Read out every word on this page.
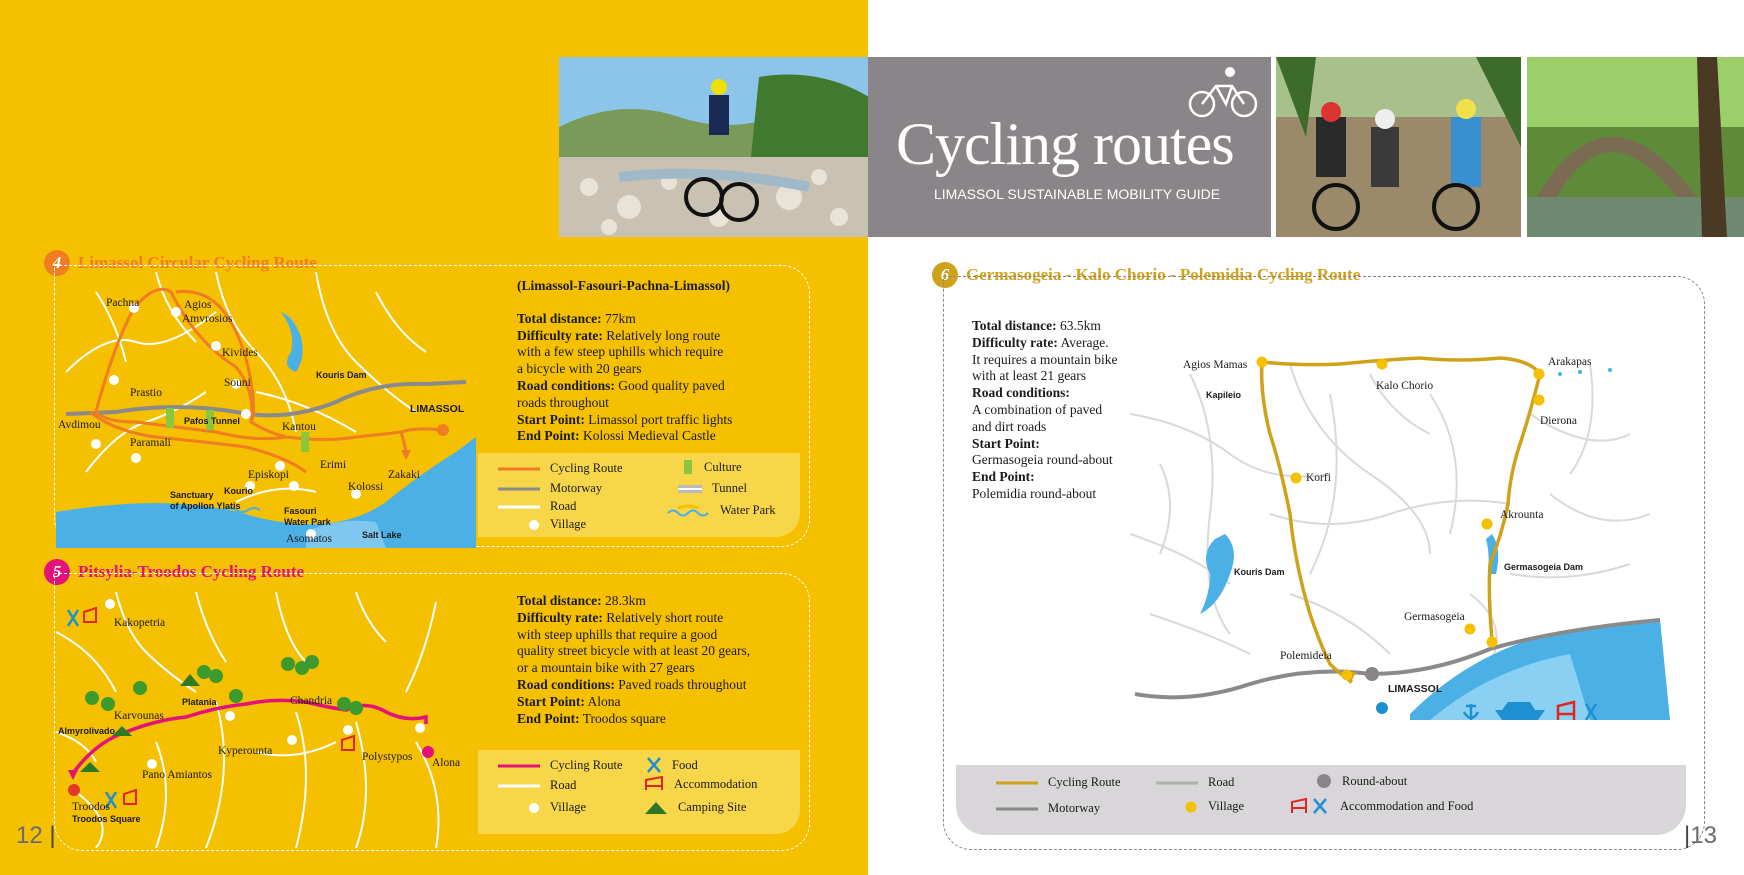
Cycling routes
LIMASSOL SUSTAINABLE MOBILITY GUIDE
4 Limassol Circular Cycling Route
Pachna	Agios
Amvrosios
Kivides
Prastio
Souni
Kouris Dam
LIMASSOL
Avdimou	Pafos Tunnel	Kantou
Paramali
Erimi
Episkopi	Zakaki
Kolossi
Kourio
Sanctuary
of Apollon Ylatis	Fasouri
Water Park
Asomatos	Salt Lake
(Limassol-Fasouri-Pachna-Limassol)
Total distance: 77km
Difficulty rate: Relatively long route
with a few steep uphills which require
a bicycle with 20 gears
Road conditions: Good quality paved
roads throughout
Start Point: Limassol port traffic lights
End Point: Kolossi Medieval Castle
Cycling Route
Motorway
Road
Village
Culture
Tunnel
Water Park
5 Pitsylia-Troodos Cycling Route
Kakopetria
Karvounas
Platania	Chandria
Almyrolivado
Kyperounta	Polystypos Alona
Pano Amiantos
Troodos
Troodos Square
Total distance: 28.3km
Difficulty rate: Relatively short route
with steep uphills that require a good
quality street bicycle with at least 20 gears,
or a mountain bike with 27 gears
Road conditions: Paved roads throughout
Start Point: Alona
End Point: Troodos square
Cycling Route
Road
Village
Food
Accommodation
Camping Site
6 Germasogeia - Kalo Chorio - Polemidia Cycling Route
Total distance: 63.5km
Difficulty rate: Average.
It requires a mountain bike
with at least 21 gears
Road conditions:
A combination of paved
and dirt roads
Start Point:
Germasogeia round-about
End Point:
Polemidia round-about
Agios Mamas
Kapileio
Kalo Chorio
Arakapas
Dierona
Korfi
Akrounta
Kouris Dam	Germasogeia Dam
Germasogeia
Polemideia
LIMASSOL
Cycling Route
Motorway
Road
Village
Round-about
Accommodation and Food
12 |	|13
